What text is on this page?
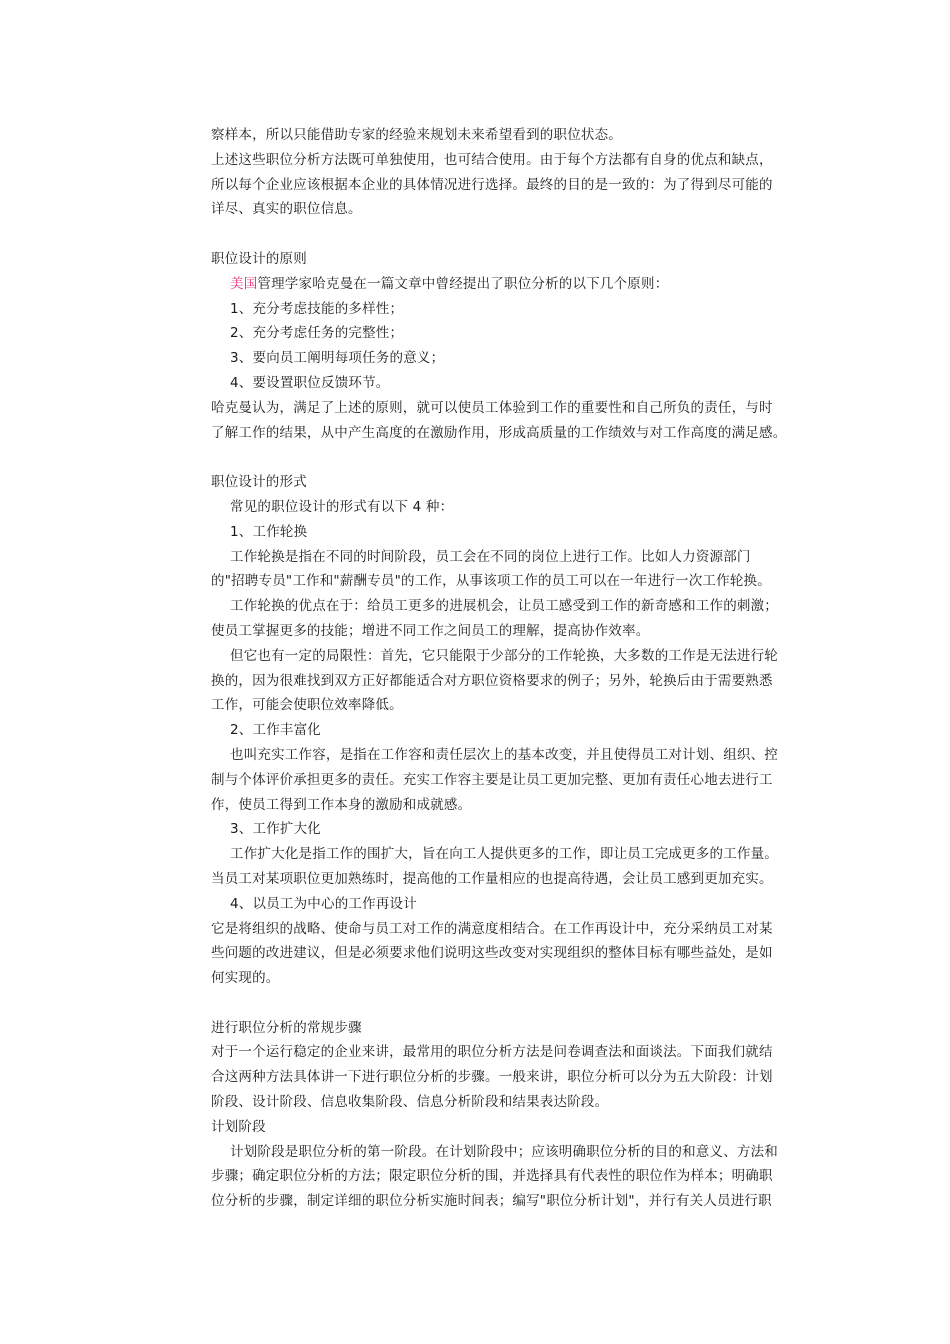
察样本，所以只能借助专家的经验来规划未来希望看到的职位状态。
上述这些职位分析方法既可单独使用，也可结合使用。由于每个方法都有自身的优点和缺点，
所以每个企业应该根据本企业的具体情况进行选择。最终的目的是一致的：为了得到尽可能的
详尽、真实的职位信息。
职位设计的原则
美国管理学家哈克曼在一篇文章中曾经提出了职位分析的以下几个原则：
1、充分考虑技能的多样性；
2、充分考虑任务的完整性；
3、要向员工阐明每项任务的意义；
4、要设置职位反馈环节。
哈克曼认为，满足了上述的原则，就可以使员工体验到工作的重要性和自己所负的责任，与时
了解工作的结果，从中产生高度的在激励作用，形成高质量的工作绩效与对工作高度的满足感。
职位设计的形式
常见的职位设计的形式有以下 4 种：
1、工作轮换
工作轮换是指在不同的时间阶段，员工会在不同的岗位上进行工作。比如人力资源部门
的"招聘专员"工作和"薪酬专员"的工作，从事该项工作的员工可以在一年进行一次工作轮换。
工作轮换的优点在于：给员工更多的进展机会，让员工感受到工作的新奇感和工作的刺激；
使员工掌握更多的技能；增进不同工作之间员工的理解，提高协作效率。
但它也有一定的局限性：首先，它只能限于少部分的工作轮换，大多数的工作是无法进行轮
换的，因为很难找到双方正好都能适合对方职位资格要求的例子；另外，轮换后由于需要熟悉
工作，可能会使职位效率降低。
2、工作丰富化
也叫充实工作容，是指在工作容和责任层次上的基本改变，并且使得员工对计划、组织、控
制与个体评价承担更多的责任。充实工作容主要是让员工更加完整、更加有责任心地去进行工
作，使员工得到工作本身的激励和成就感。
3、工作扩大化
工作扩大化是指工作的围扩大，旨在向工人提供更多的工作，即让员工完成更多的工作量。
当员工对某项职位更加熟练时，提高他的工作量相应的也提高待遇，会让员工感到更加充实。
4、以员工为中心的工作再设计
它是将组织的战略、使命与员工对工作的满意度相结合。在工作再设计中，充分采纳员工对某
些问题的改进建议，但是必须要求他们说明这些改变对实现组织的整体目标有哪些益处，是如
何实现的。
进行职位分析的常规步骤
对于一个运行稳定的企业来讲，最常用的职位分析方法是问卷调查法和面谈法。下面我们就结
合这两种方法具体讲一下进行职位分析的步骤。一般来讲，职位分析可以分为五大阶段：计划
阶段、设计阶段、信息收集阶段、信息分析阶段和结果表达阶段。
计划阶段
计划阶段是职位分析的第一阶段。在计划阶段中；应该明确职位分析的目的和意义、方法和
步骤；确定职位分析的方法；限定职位分析的围，并选择具有代表性的职位作为样本；明确职
位分析的步骤，制定详细的职位分析实施时间表；编写"职位分析计划"，并行有关人员进行职
